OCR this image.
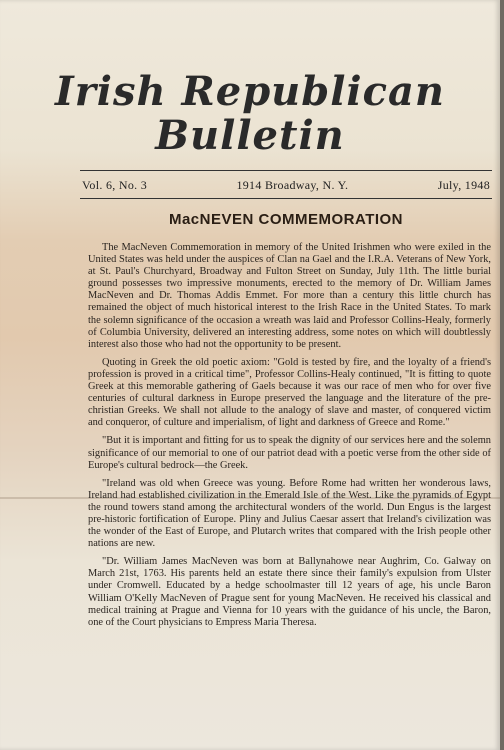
Irish Republican
Bulletin
Vol. 6, No. 3	1914 Broadway, N. Y.	July, 1948
MacNEVEN COMMEMORATION

The MacNeven Commemoration in memory of the United Irishmen who were exiled in the United States was held under the auspices of Clan na Gael and the I.R.A. Veterans of New York, at St. Paul's Churchyard, Broadway and Fulton Street on Sunday, July 11th. The little burial ground possesses two impressive monuments, erected to the memory of Dr. William James MacNeven and Dr. Thomas Addis Emmet. For more than a century this little church has remained the object of much historical interest to the Irish Race in the United States. To mark the solemn significance of the occasion a wreath was laid and Professor Collins-Healy, formerly of Columbia University, delivered an interesting address, some notes on which will doubtlessly interest also those who had not the opportunity to be present.

Quoting in Greek the old poetic axiom: "Gold is tested by fire, and the loyalty of a friend's profession is proved in a critical time", Professor Collins-Healy continued, "It is fitting to quote Greek at this memorable gathering of Gaels because it was our race of men who for over five centuries of cultural darkness in Europe preserved the language and the literature of the pre-christian Greeks. We shall not allude to the analogy of slave and master, of conquered victim and conqueror, of culture and imperialism, of light and darkness of Greece and Rome."

"But it is important and fitting for us to speak the dignity of our services here and the solemn significance of our memorial to one of our patriot dead with a poetic verse from the other side of Europe's cultural bedrock—the Greek.

"Ireland was old when Greece was young. Before Rome had written her wonderous laws, Ireland had established civilization in the Emerald Isle of the West. Like the pyramids of Egypt the round towers stand among the architectural wonders of the world. Dun Engus is the largest pre-historic fortification of Europe. Pliny and Julius Caesar assert that Ireland's civilization was the wonder of the East of Europe, and Plutarch writes that compared with the Irish people other nations are new.

"Dr. William James MacNeven was born at Ballynahowe near Aughrim, Co. Galway on March 21st, 1763. His parents held an estate there since their family's expulsion from Ulster under Cromwell. Educated by a hedge schoolmaster till 12 years of age, his uncle Baron William O'Kelly MacNeven of Prague sent for young MacNeven. He received his classical and medical training at Prague and Vienna for 10 years with the guidance of his uncle, the Baron, one of the Court physicians to Empress Maria Theresa.
